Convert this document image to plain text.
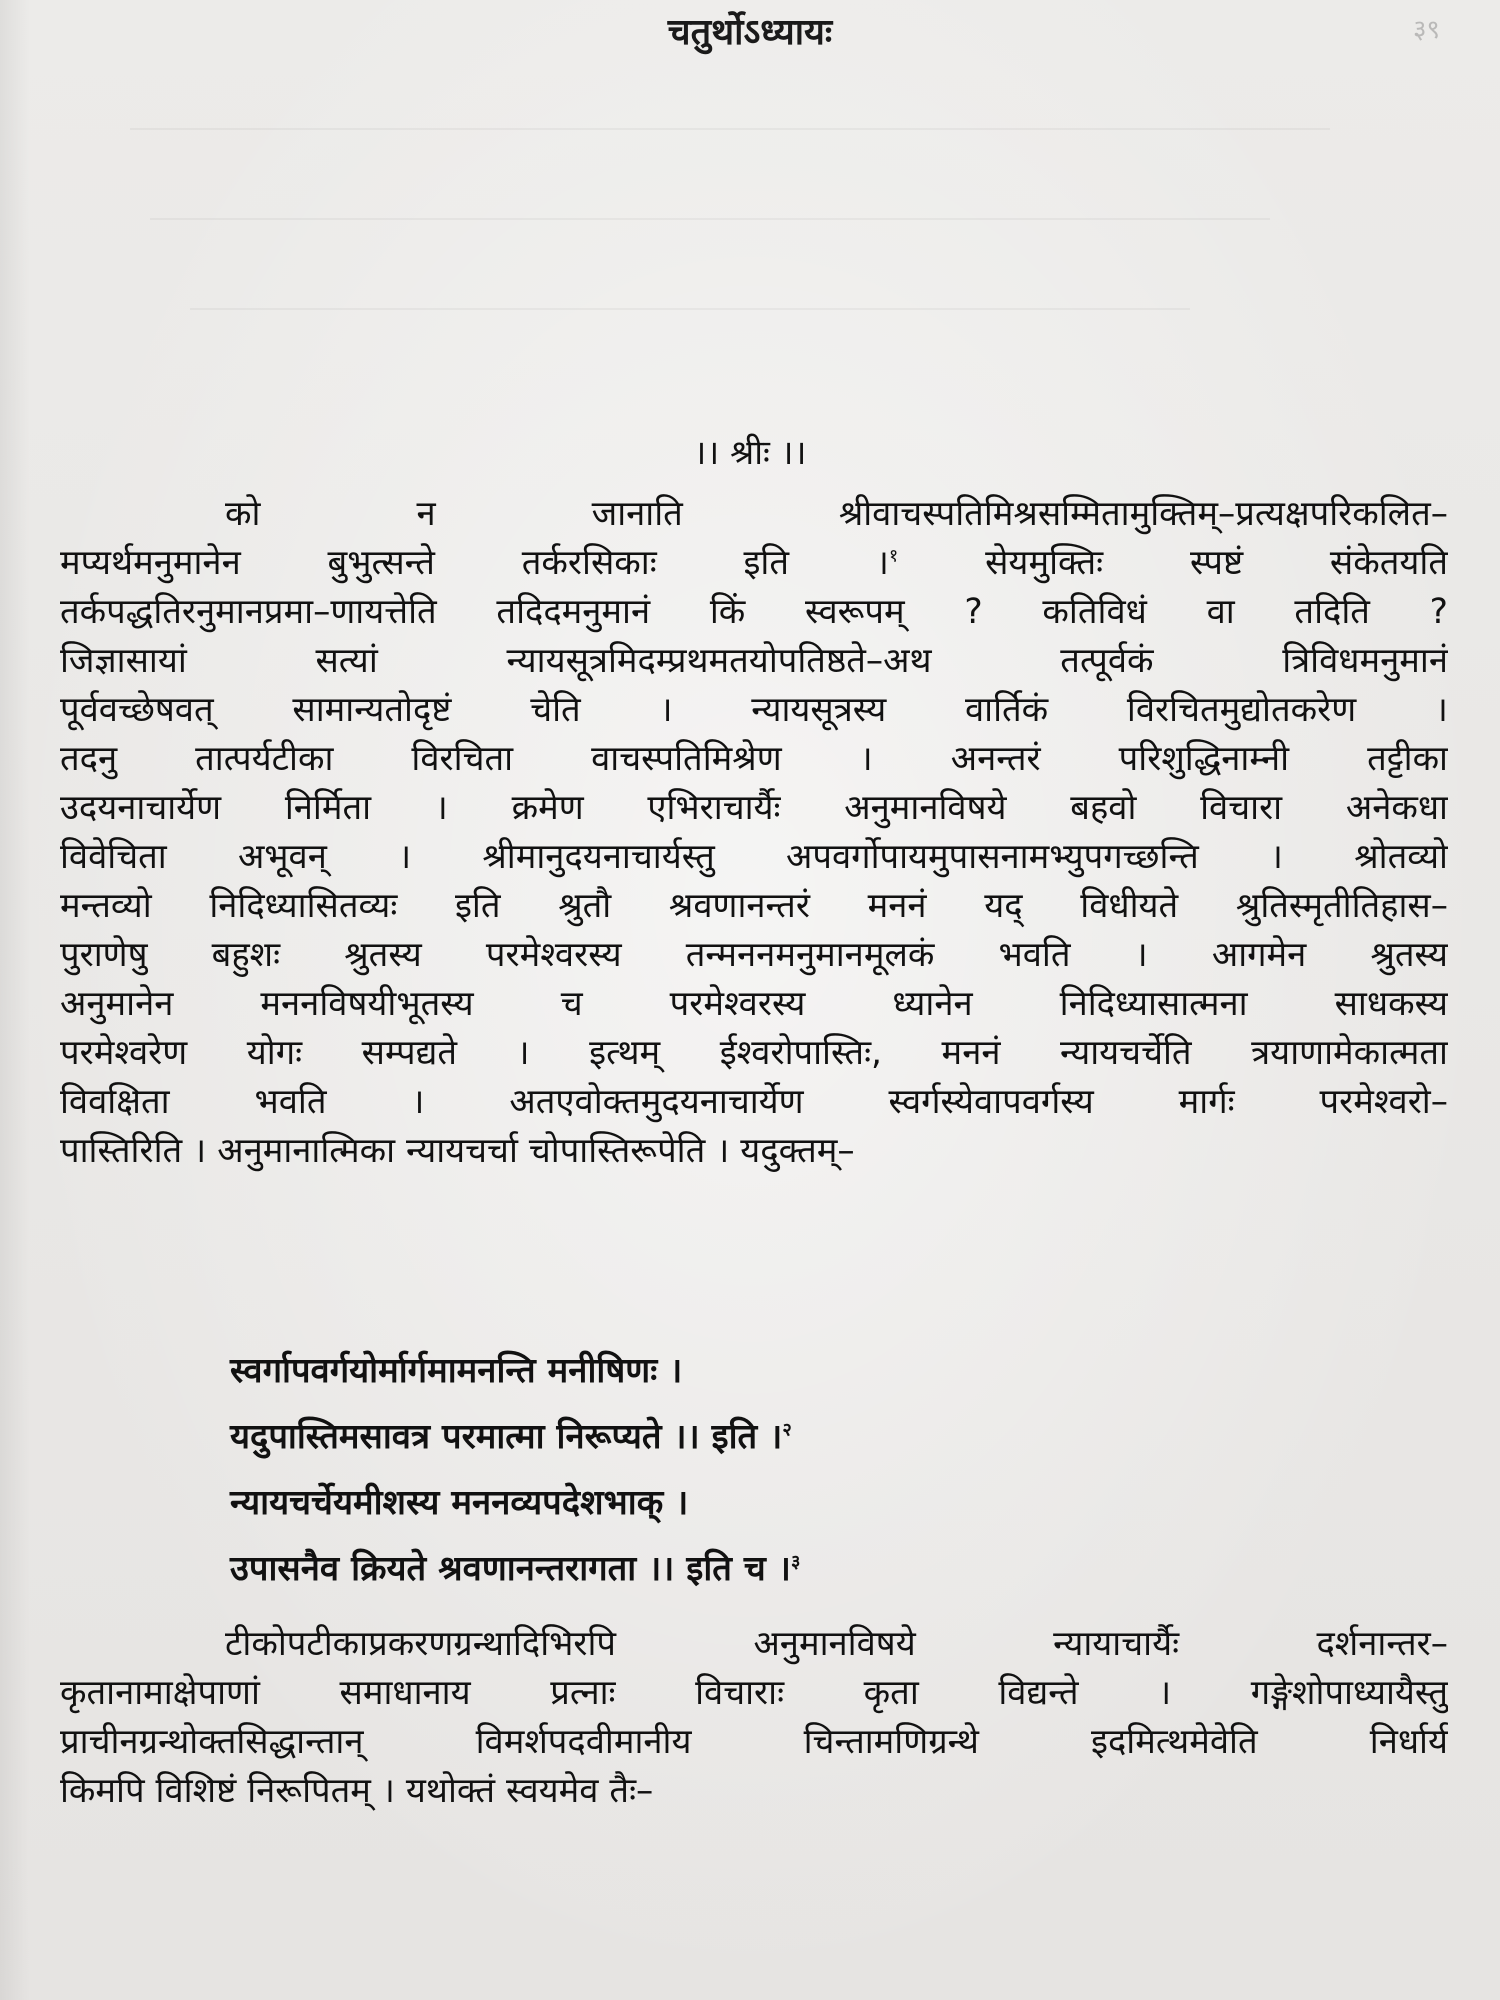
चतुर्थोऽध्यायः	३९
।। श्रीः ।।
को न जानाति श्रीवाचस्पतिमिश्रसम्मितामुक्तिम्–प्रत्यक्षपरिकलित–
मप्यर्थमनुमानेन बुभुत्सन्ते तर्करसिकाः इति ।$^१$	सेयमुक्तिः स्पष्टं संकेतयति
तर्कपद्धतिरनुमानप्रमा–णायत्तेति तदिदमनुमानं किं स्वरूपम् ? कतिविधं वा तदिति ?
जिज्ञासायां सत्यां न्यायसूत्रमिदम्प्रथमतयोपतिष्ठते–अथ तत्पूर्वकं त्रिविधमनुमानं
पूर्ववच्छेषवत् सामान्यतोदृष्टं चेति । न्यायसूत्रस्य वार्तिकं विरचितमुद्योतकरेण ।
तदनु तात्पर्यटीका विरचिता वाचस्पतिमिश्रेण । अनन्तरं परिशुद्धिनाम्नी तट्टीका
उदयनाचार्येण निर्मिता । क्रमेण एभिराचार्यैः अनुमानविषये बहवो विचारा अनेकधा
विवेचिता अभूवन् । श्रीमानुदयनाचार्यस्तु अपवर्गोपायमुपासनामभ्युपगच्छन्ति । श्रोतव्यो
मन्तव्यो निदिध्यासितव्यः इति श्रुतौ श्रवणानन्तरं मननं यद् विधीयते श्रुतिस्मृतीतिहास–
पुराणेषु बहुशः श्रुतस्य परमेश्वरस्य तन्मननमनुमानमूलकं भवति । आगमेन श्रुतस्य
अनुमानेन मननविषयीभूतस्य च परमेश्वरस्य ध्यानेन निदिध्यासात्मना साधकस्य
परमेश्वरेण योगः सम्पद्यते । इत्थम् ईश्वरोपास्तिः, मननं न्यायचर्चेति त्रयाणामेकात्मता
विवक्षिता भवति । अतएवोक्तमुदयनाचार्येण स्वर्गस्येवापवर्गस्य मार्गः परमेश्वरो–
पास्तिरिति । अनुमानात्मिका न्यायचर्चा चोपास्तिरूपेति । यदुक्तम्–
स्वर्गापवर्गयोर्मार्गमामनन्ति मनीषिणः ।
यदुपास्तिमसावत्र परमात्मा निरूप्यते ।। इति ।$^२$
न्यायचर्चेयमीशस्य मननव्यपदेशभाक् ।
उपासनैव क्रियते श्रवणानन्तरागता ।। इति च ।$^३$
टीकोपटीकाप्रकरणग्रन्थादिभिरपि अनुमानविषये न्यायाचार्यैः दर्शनान्तर–
कृतानामाक्षेपाणां समाधानाय प्रत्नाः विचाराः कृता विद्यन्ते । गङ्गेशोपाध्यायैस्तु
प्राचीनग्रन्थोक्तसिद्धान्तान् विमर्शपदवीमानीय चिन्तामणिग्रन्थे इदमित्थमेवेति निर्धार्य
किमपि विशिष्टं निरूपितम् । यथोक्तं स्वयमेव तैः–
